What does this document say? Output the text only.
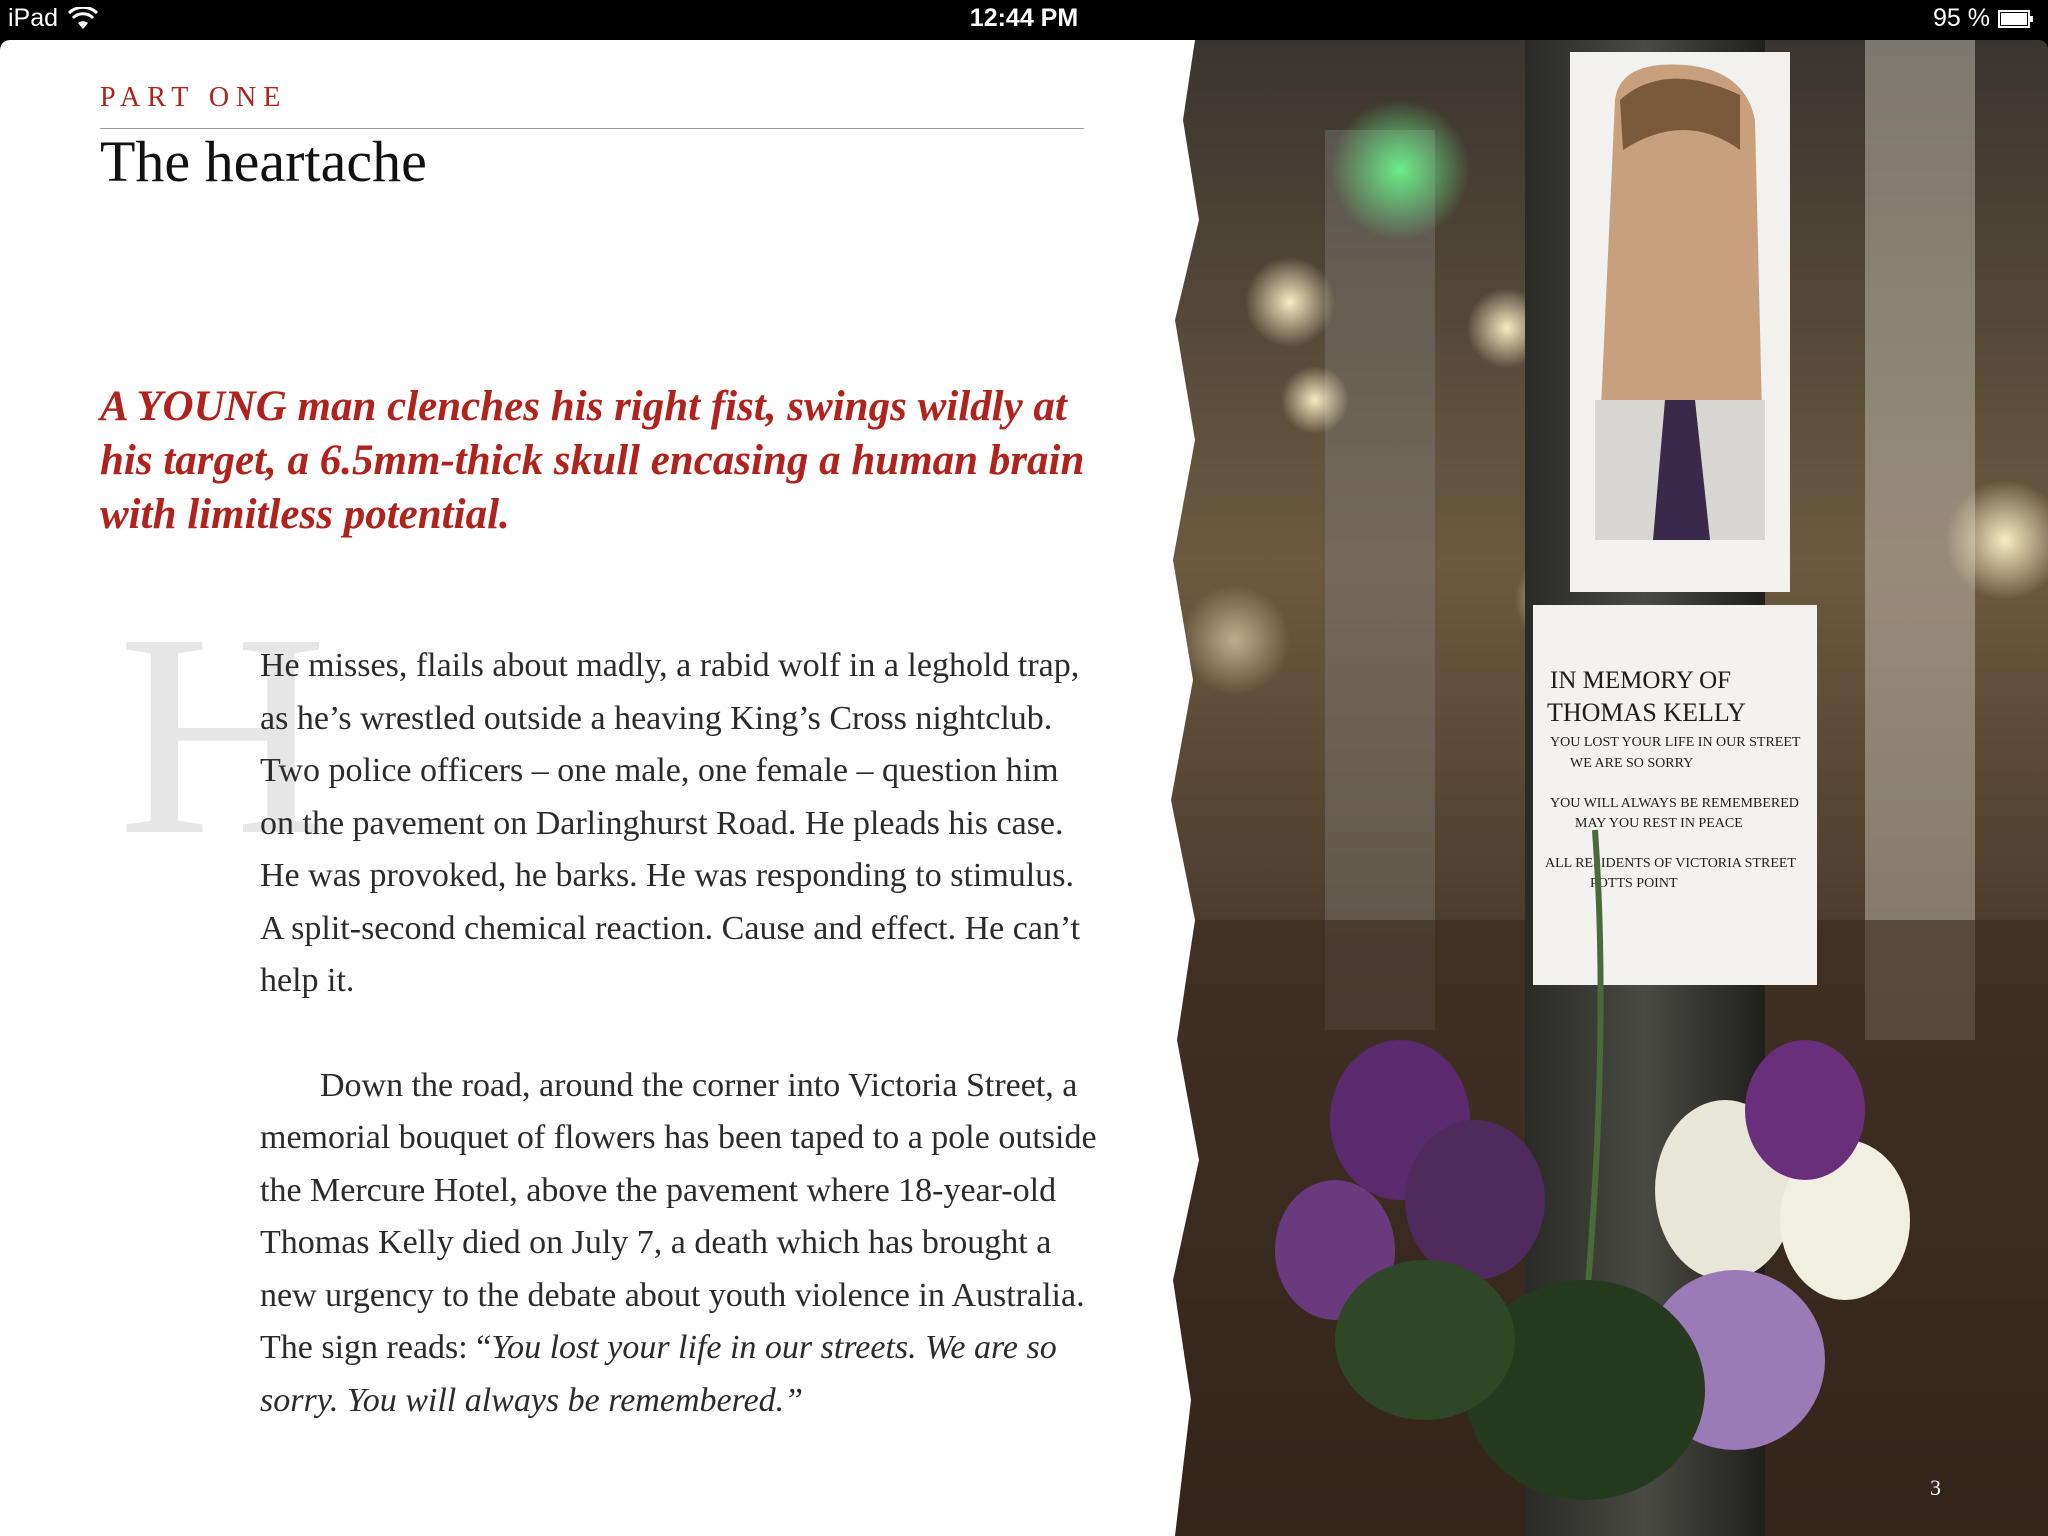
iPad	12:44 PM	95 %
PART ONE
The heartache
A YOUNG man clenches his right fist, swings wildly at his target, a 6.5mm-thick skull encasing a human brain with limitless potential.
H

He misses, flails about madly, a rabid wolf in a leghold trap, as he’s wrestled outside a heaving King’s Cross nightclub. Two police officers – one male, one female – question him on the pavement on Darlinghurst Road. He pleads his case. He was provoked, he barks. He was responding to stimulus. A split-second chemical reaction. Cause and effect. He can’t help it.

Down the road, around the corner into Victoria Street, a memorial bouquet of flowers has been taped to a pole outside the Mercure Hotel, above the pavement where 18-year-old Thomas Kelly died on July 7, a death which has brought a new urgency to the debate about youth violence in Australia. The sign reads: “You lost your life in our streets. We are so sorry. You will always be remembered.”

IN MEMORY OF
THOMAS KELLY
YOU LOST YOUR LIFE IN OUR STREET
WE ARE SO SORRY
YOU WILL ALWAYS BE REMEMBERED
MAY YOU REST IN PEACE
ALL RESIDENTS OF VICTORIA STREET
POTTS POINT
3
